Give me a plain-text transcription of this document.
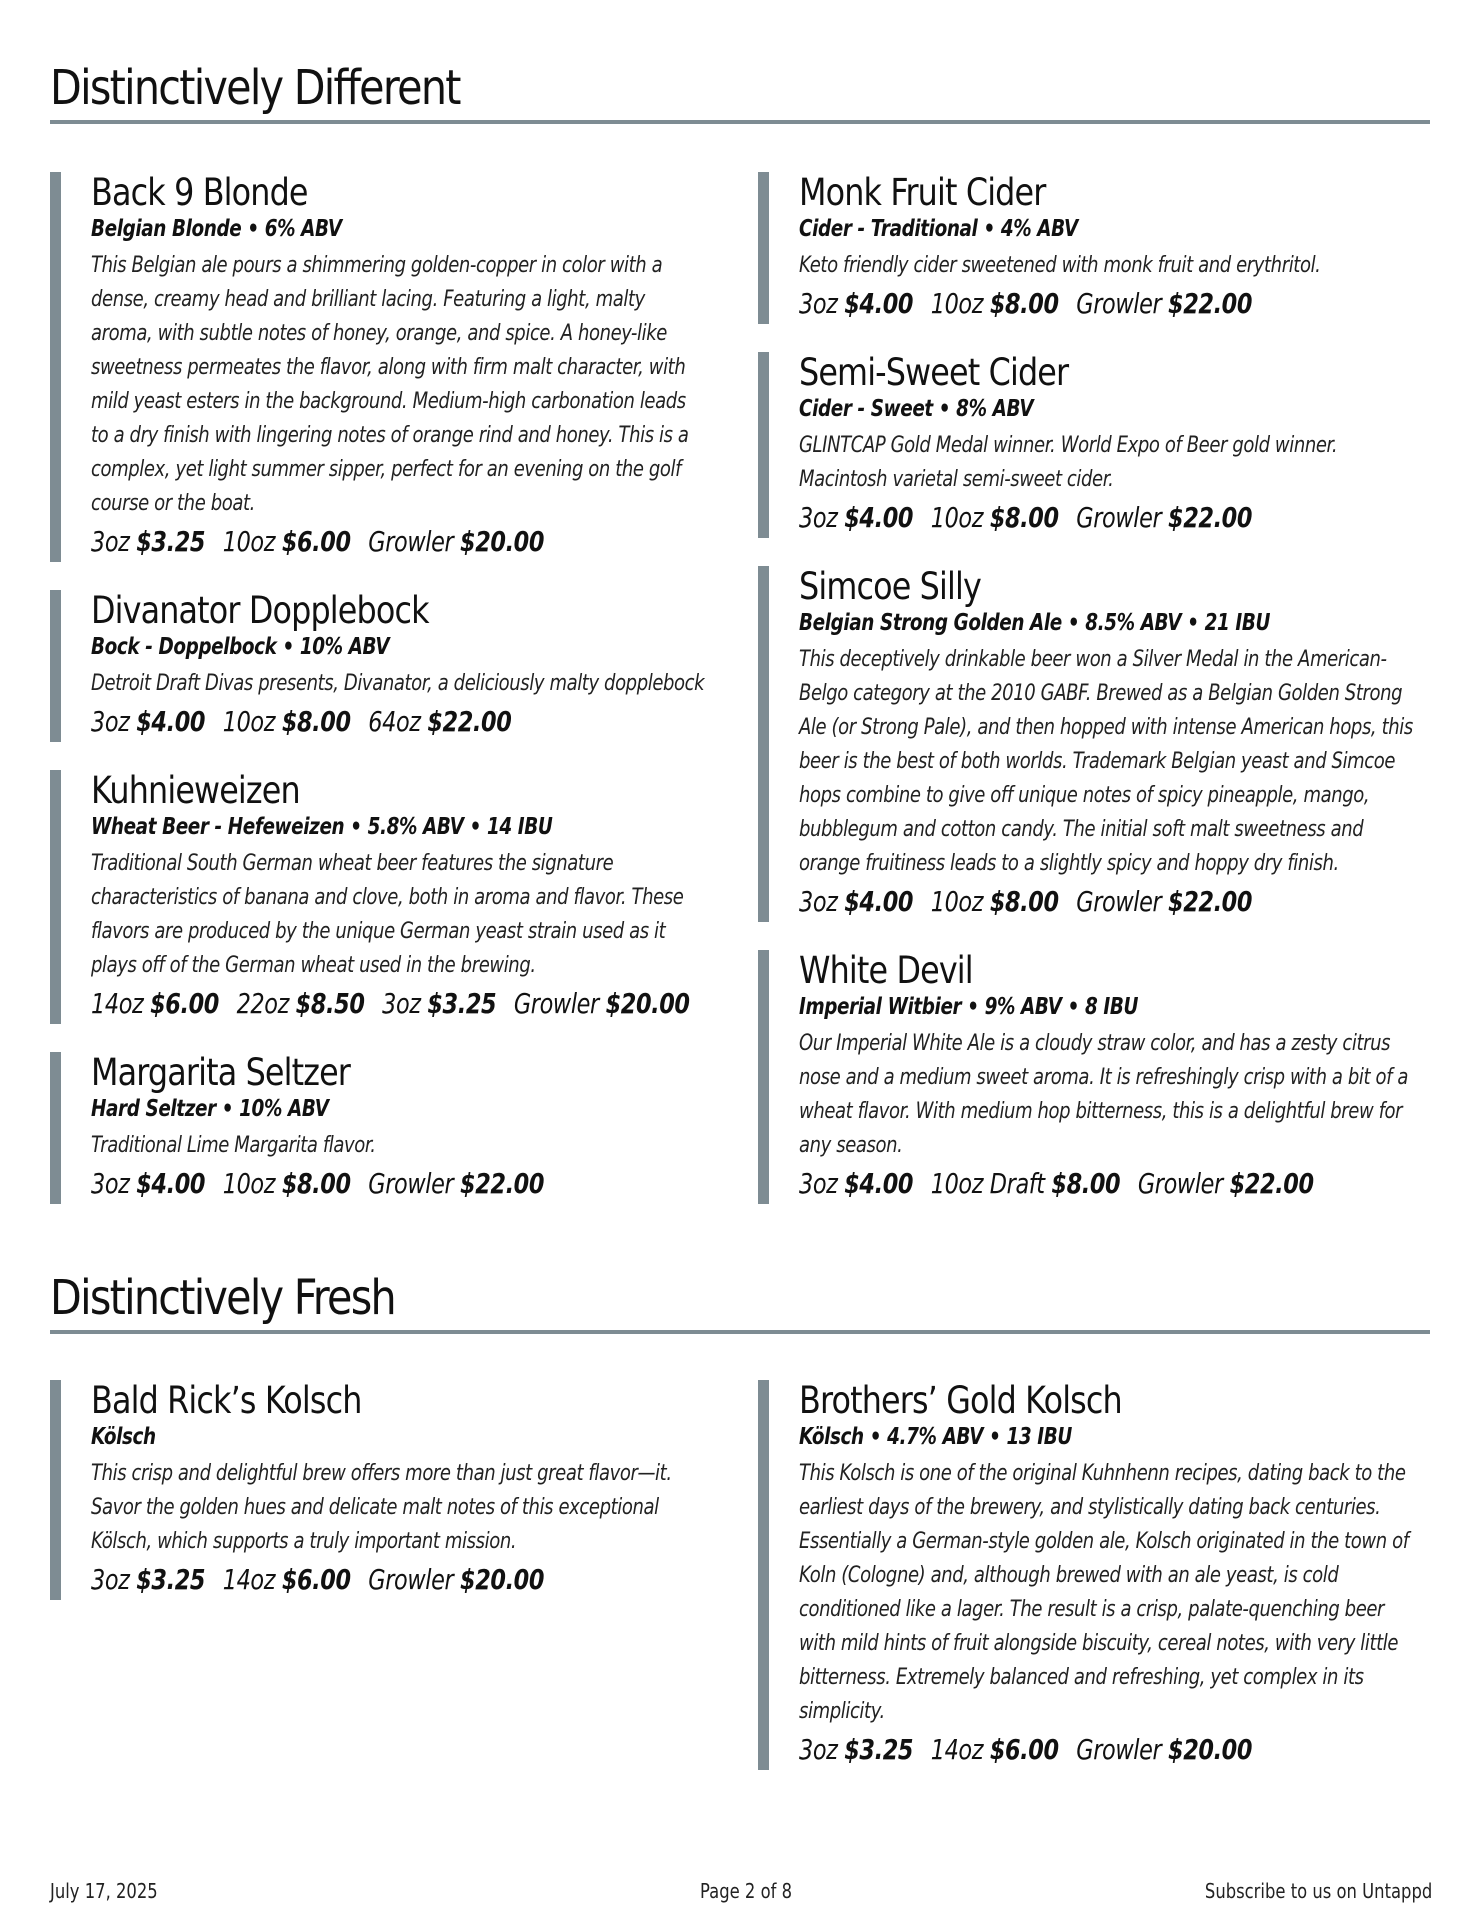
Distinctively Different
Back 9 Blonde
Belgian Blonde • 6% ABV
This Belgian ale pours a shimmering golden-copper in color with a dense, creamy head and brilliant lacing. Featuring a light, malty aroma, with subtle notes of honey, orange, and spice. A honey-like sweetness permeates the flavor, along with firm malt character, with mild yeast esters in the background. Medium-high carbonation leads to a dry finish with lingering notes of orange rind and honey. This is a complex, yet light summer sipper, perfect for an evening on the golf course or the boat.
3oz $3.25 10oz $6.00 Growler $20.00
Divanator Dopplebock
Bock - Doppelbock • 10% ABV
Detroit Draft Divas presents, Divanator, a deliciously malty dopplebock
3oz $4.00 10oz $8.00 64oz $22.00
Kuhnieweizen
Wheat Beer - Hefeweizen • 5.8% ABV • 14 IBU
Traditional South German wheat beer features the signature characteristics of banana and clove, both in aroma and flavor. These flavors are produced by the unique German yeast strain used as it plays off of the German wheat used in the brewing.
14oz $6.00 22oz $8.50 3oz $3.25 Growler $20.00
Margarita Seltzer
Hard Seltzer • 10% ABV
Traditional Lime Margarita flavor.
3oz $4.00 10oz $8.00 Growler $22.00
Monk Fruit Cider
Cider - Traditional • 4% ABV
Keto friendly cider sweetened with monk fruit and erythritol.
3oz $4.00 10oz $8.00 Growler $22.00
Semi-Sweet Cider
Cider - Sweet • 8% ABV
GLINTCAP Gold Medal winner. World Expo of Beer gold winner. Macintosh varietal semi-sweet cider.
3oz $4.00 10oz $8.00 Growler $22.00
Simcoe Silly
Belgian Strong Golden Ale • 8.5% ABV • 21 IBU
This deceptively drinkable beer won a Silver Medal in the American-Belgo category at the 2010 GABF. Brewed as a Belgian Golden Strong Ale (or Strong Pale), and then hopped with intense American hops, this beer is the best of both worlds. Trademark Belgian yeast and Simcoe hops combine to give off unique notes of spicy pineapple, mango, bubblegum and cotton candy. The initial soft malt sweetness and orange fruitiness leads to a slightly spicy and hoppy dry finish.
3oz $4.00 10oz $8.00 Growler $22.00
White Devil
Imperial Witbier • 9% ABV • 8 IBU
Our Imperial White Ale is a cloudy straw color, and has a zesty citrus nose and a medium sweet aroma. It is refreshingly crisp with a bit of a wheat flavor. With medium hop bitterness, this is a delightful brew for any season.
3oz $4.00 10oz Draft $8.00 Growler $22.00
Distinctively Fresh
Bald Rick’s Kolsch
Kölsch
This crisp and delightful brew offers more than just great flavor—it. Savor the golden hues and delicate malt notes of this exceptional Kölsch, which supports a truly important mission.
3oz $3.25 14oz $6.00 Growler $20.00
Brothers’ Gold Kolsch
Kölsch • 4.7% ABV • 13 IBU
This Kolsch is one of the original Kuhnhenn recipes, dating back to the earliest days of the brewery, and stylistically dating back centuries. Essentially a German-style golden ale, Kolsch originated in the town of Koln (Cologne) and, although brewed with an ale yeast, is cold conditioned like a lager. The result is a crisp, palate-quenching beer with mild hints of fruit alongside biscuity, cereal notes, with very little bitterness. Extremely balanced and refreshing, yet complex in its simplicity.
3oz $3.25 14oz $6.00 Growler $20.00
July 17, 2025	Page 2 of 8	Subscribe to us on Untappd
